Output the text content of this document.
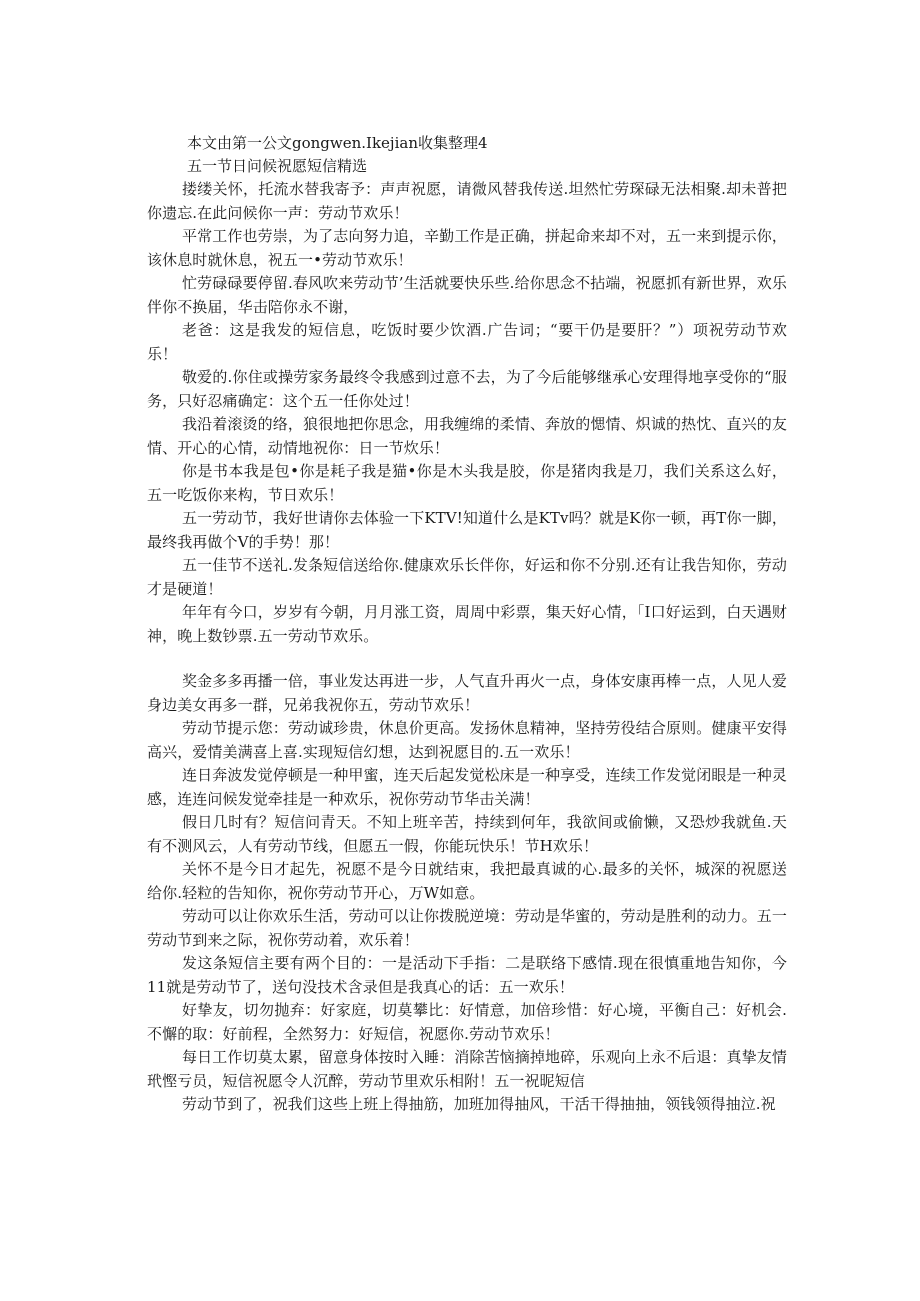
本文由第一公文gongwen.Ikejian收集整理4

五一节日问候祝愿短信精选

搂缕关怀，托流水替我寄予：声声祝愿，请微风替我传送.坦然忙劳琛碌无法相聚.却未普把你遗忘.在此问候你一声：劳动节欢乐！

平常工作也劳崇，为了志向努力追，辛勤工作是正确，拼起命来却不对，五一来到提示你，该休息时就休息，祝五一•劳动节欢乐！

忙劳碌碌要停留.春风吹来劳动节’生活就要快乐些.给你思念不拈端，祝愿抓有新世界，欢乐伴你不换届，华击陪你永不谢，

老爸：这是我发的短信息，吃饭时要少饮酒.广告词；“要干仍是要肝？”）项祝劳动节欢乐！

敬爱的.你住或操劳家务最终令我感到过意不去，为了今后能够继承心安理得地享受你的“服务，只好忍痛确定：这个五一任你处过！

我沿着滚烫的络，狼很地把你思念，用我缠绵的柔情、奔放的愢情、炽诚的热忱、直兴的友情、开心的心情，动情地祝你：日一节炊乐！

你是书本我是包•你是耗子我是猫•你是木头我是胶，你是猪肉我是刀，我们关系这么好，五一吃饭你来构，节日欢乐！

五一劳动节，我好世请你去体验一下KTV!知道什么是KTv吗？就是K你一顿，再T你一脚，最终我再做个V的手势！那！

五一佳节不送礼.发条短信送给你.健康欢乐长伴你，好运和你不分别.还有让我告知你，劳动才是硬道！

年年有今口，岁岁有今朝，月月涨工资，周周中彩票，集天好心情，「I口好运到，白天遇财神，晚上数钞票.五一劳动节欢乐。

奖金多多再播一倍，事业发达再进一步，人气直升再火一点，身体安康再棒一点，人见人爱身边美女再多一群，兄弟我祝你五，劳动节欢乐！

劳动节提示您：劳动诚珍贵，休息价更高。发扬休息精神，坚持劳役结合原则。健康平安得高兴，爱情美满喜上喜.实现短信幻想，达到祝愿目的.五一欢乐！

连日奔波发觉停顿是一种甲蜜，连天后起发觉松床是一种享受，连续工作发觉闭眼是一种灵感，连连问候发觉牵挂是一种欢乐，祝你劳动节华击关满！

假日几时有？短信问青天。不知上班辛苦，持续到何年，我欲间或偷懒，又恐炒我就鱼.天有不测风云，人有劳动节线，但愿五一假，你能玩快乐！节H欢乐！

关怀不是今日才起先，祝愿不是今日就结束，我把最真诚的心.最多的关怀，城深的祝愿送给你.轻粒的告知你，祝你劳动节开心，万W如意。

劳动可以让你欢乐生活，劳动可以让你拨脱逆境：劳动是华蜜的，劳动是胜利的动力。五一劳动节到来之际，祝你劳动着，欢乐着！

发这条短信主要有两个目的：一是活动下手指：二是联络下感情.现在很慎重地告知你，今11就是劳动节了，送句没技术含录但是我真心的话：五一欢乐！

好挚友，切勿抛弃：好家庭，切莫攀比：好情意，加倍珍惜：好心境，平衡自己：好机会.不懈的取：好前程，全然努力：好短信，祝愿你.劳动节欢乐！

每日工作切莫太累，留意身体按时入睡：消除苦恼摘掉地碎，乐观向上永不后退：真挚友情玳慳亏员，短信祝愿令人沉醉，劳动节里欢乐相附！五一祝昵短信

劳动节到了，祝我们这些上班上得抽筋，加班加得抽风，干活干得抽抽，领钱领得抽泣.祝
